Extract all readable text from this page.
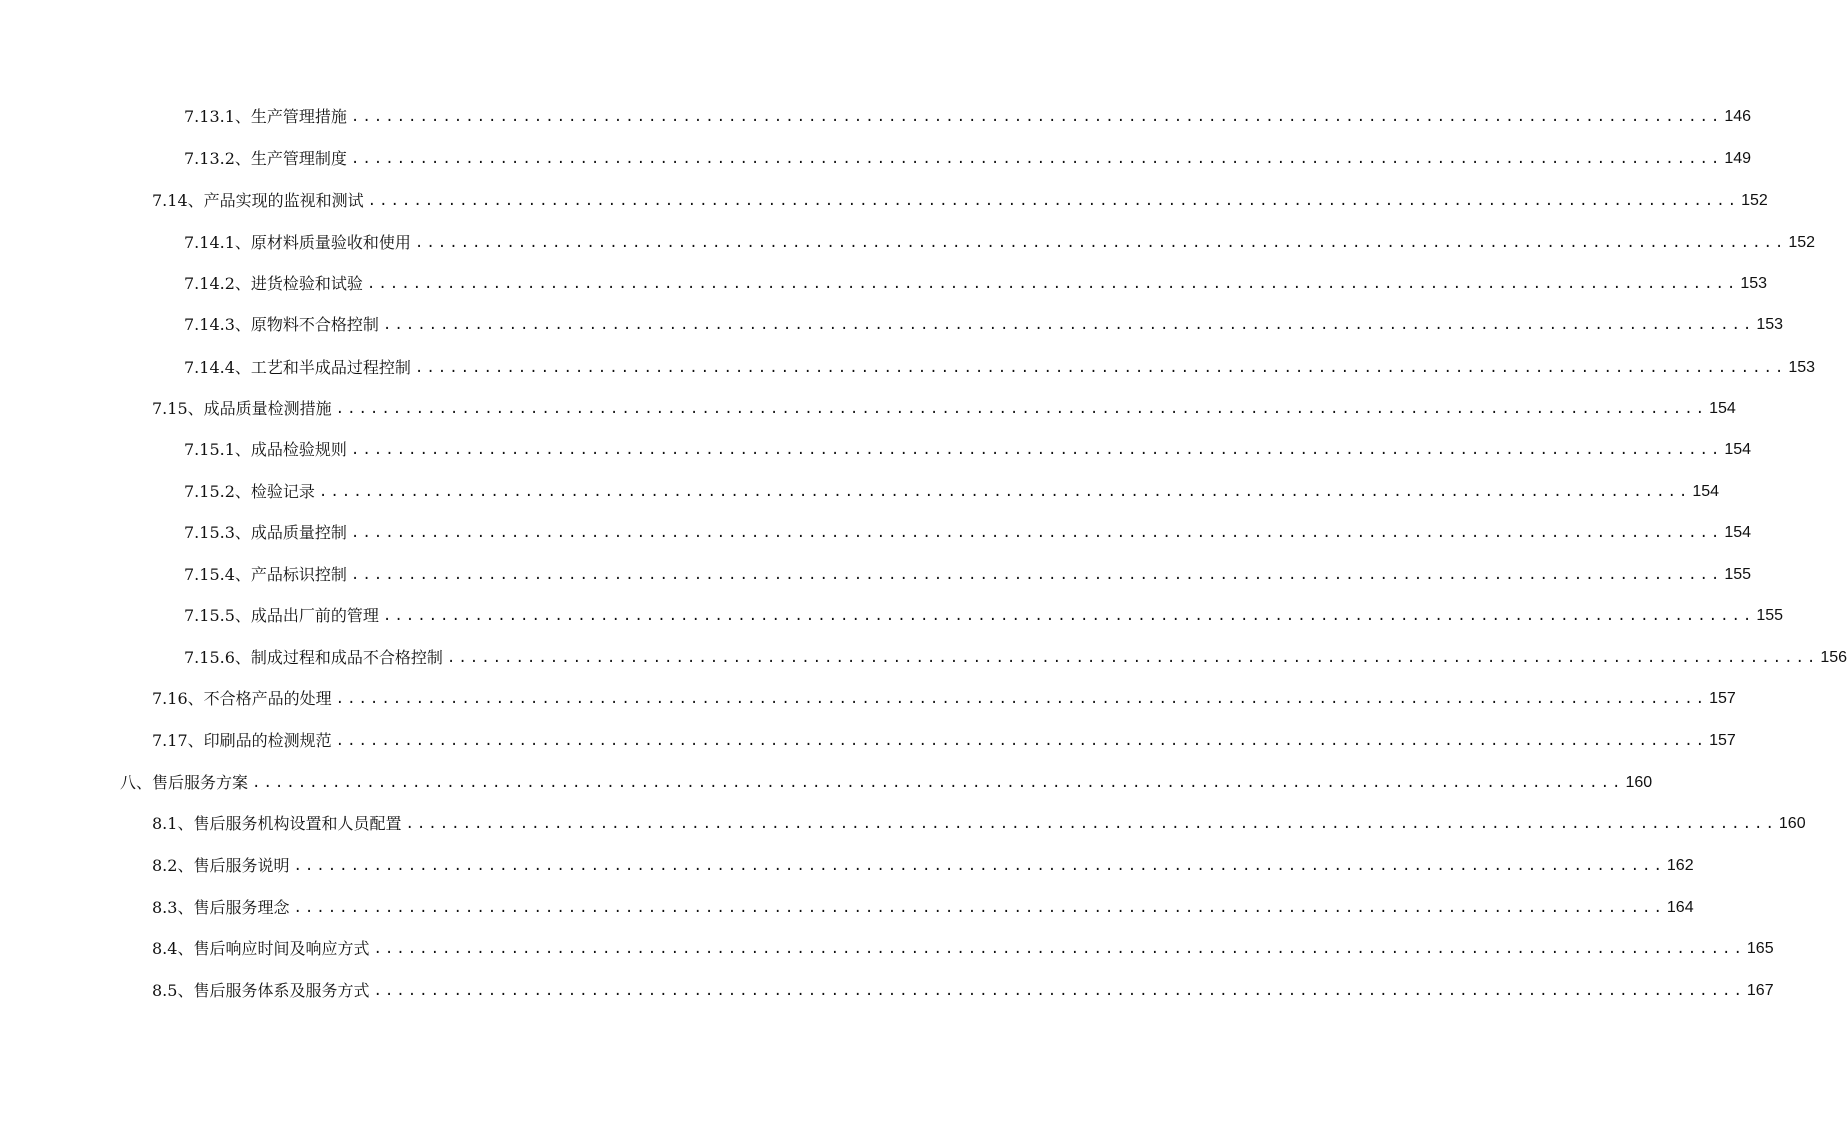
7.13.1、生产管理措施 ........................................................................................................................ 146
7.13.2、生产管理制度 ........................................................................................................................ 149
7.14、产品实现的监视和测试 ........................................................................................................................ 152
7.14.1、原材料质量验收和使用 ........................................................................................................................ 152
7.14.2、进货检验和试验 ........................................................................................................................ 153
7.14.3、原物料不合格控制 ........................................................................................................................ 153
7.14.4、工艺和半成品过程控制 ........................................................................................................................ 153
7.15、成品质量检测措施 ........................................................................................................................ 154
7.15.1、成品检验规则 ........................................................................................................................ 154
7.15.2、检验记录 ........................................................................................................................ 154
7.15.3、成品质量控制 ........................................................................................................................ 154
7.15.4、产品标识控制 ........................................................................................................................ 155
7.15.5、成品出厂前的管理 ........................................................................................................................ 155
7.15.6、制成过程和成品不合格控制 ........................................................................................................................ 156
7.16、不合格产品的处理 ........................................................................................................................ 157
7.17、印刷品的检测规范 ........................................................................................................................ 157
八、售后服务方案 ........................................................................................................................ 160
8.1、售后服务机构设置和人员配置 ........................................................................................................................ 160
8.2、售后服务说明 ........................................................................................................................ 162
8.3、售后服务理念 ........................................................................................................................ 164
8.4、售后响应时间及响应方式 ........................................................................................................................ 165
8.5、售后服务体系及服务方式 ........................................................................................................................ 167
